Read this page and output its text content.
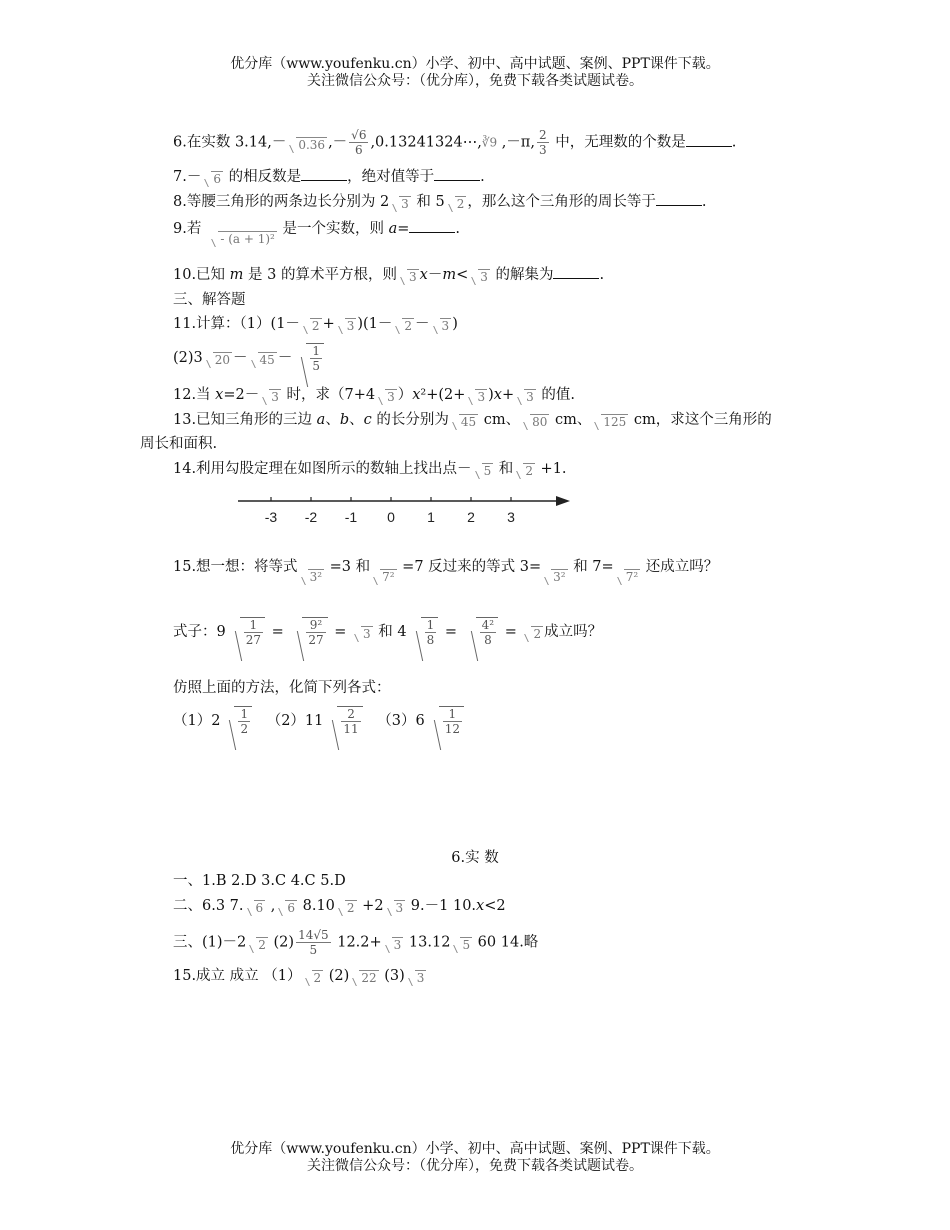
优分库（www.youfenku.cn）小学、初中、高中试题、案例、PPT课件下载。
关注微信公众号：（优分库），免费下载各类试题试卷。
6.在实数 3.14,－ 0.36 ,－ $\frac{√6}{6}$ ,0.13241324⋯,∛9 ,－π, $\frac{2}{3}$ 中，无理数的个数是	.
7.－ 6 的相反数是	，绝对值等于	.
8.等腰三角形的两条边长分别为 2 3 和 5 2 ，那么这个三角形的周长等于	.
9.若- (a + 1)² 是一个实数，则 a=	.
10.已知 m 是 3 的算术平方根，则 3 x－m< 3 的解集为	.
三、解答题
11.计算：（1）(1－ 2 + 3 )(1－ 2 － 3 )
(2)3 $20 - 45 - \frac{1}{5}$
12.当 x=2－ 3 时，求（7+4 3 ）x²+(2+ 3 )x+ 3 的值.
13.已知三角形的三边 a、b、c 的长分别为 45 cm、 80 cm、 125 cm，求这个三角形的
周长和面积.
14.利用勾股定理在如图所示的数轴上找出点－ 5 和 2 +1.
-3 -2 -1 0 1 2 3
15.想一想：将等式3² =3 和7² =7 反过来的等式 3=3² 和 7=7² 还成立吗？
式子：$9 \frac{1}{27} = \frac{\text{9²}}{27} = 3$ 和 $4 \frac{1}{8} = \frac{\text{4²}}{8} = 2$ 成立吗？
仿照上面的方法，化简下列各式：
$(1)2 \frac{1}{2} (2)11 \frac{2}{11} (3)6 \frac{1}{12}$
6.实 数
一、1.B 2.D 3.C 4.C 5.D
二、6.3 7. 6 , 6 8.10 2 +2 3 9.－1 10.x<2
三、(1)－2 2 $(2) \frac{14√5}{5} 12.2+ 3$ 13.12 5 60 14.略
15.成立 成立 （1） 2 (2) 22 (3) 3
优分库（www.youfenku.cn）小学、初中、高中试题、案例、PPT课件下载。
关注微信公众号：（优分库），免费下载各类试题试卷。
